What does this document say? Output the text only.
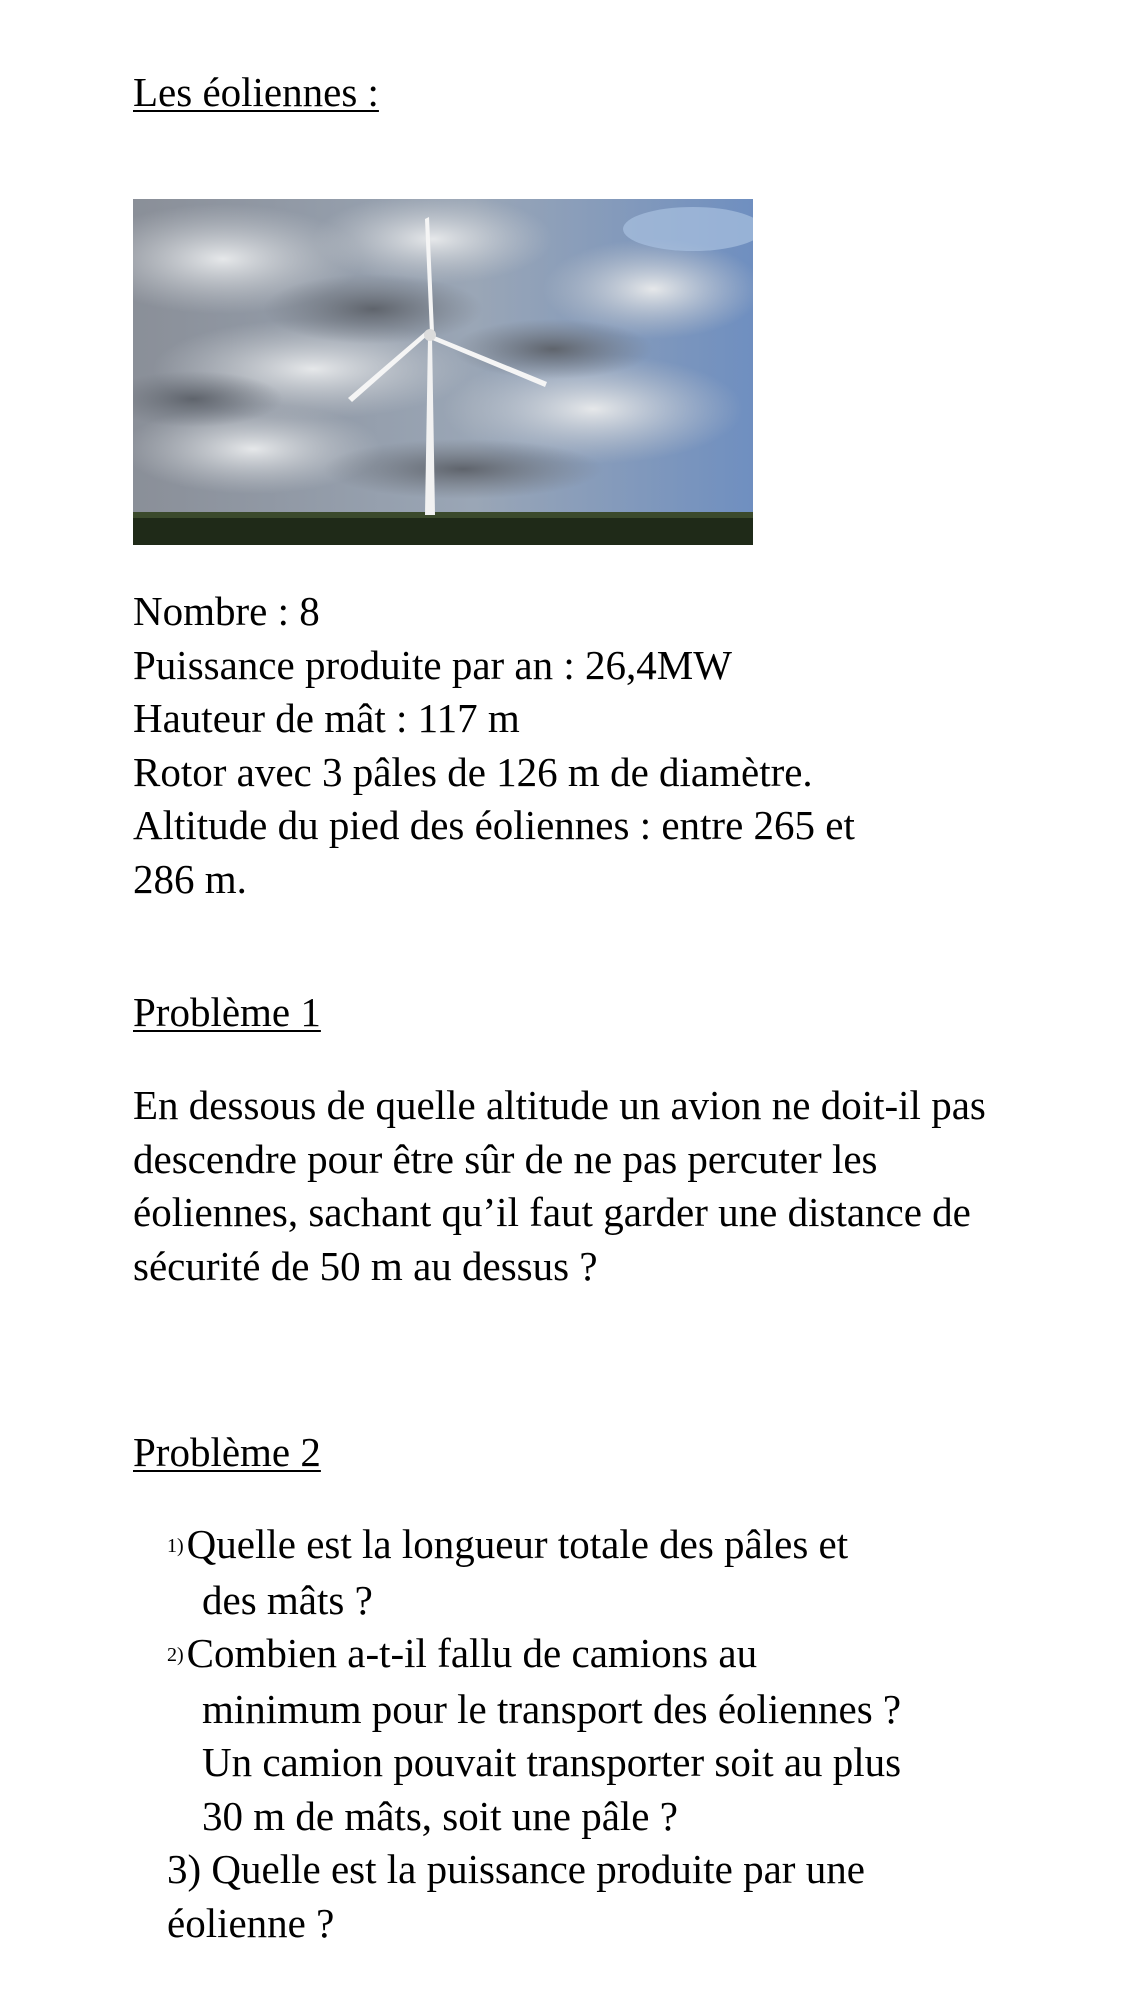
Les éoliennes :
Nombre : 8
Puissance produite par an : 26,4MW
Hauteur de mât : 117 m
Rotor avec 3 pâles de 126 m de diamètre.
Altitude du pied des éoliennes : entre 265 et
286 m.
Problème 1

En dessous de quelle altitude un avion ne doit-il pas descendre pour être sûr de ne pas percuter les éoliennes, sachant qu’il faut garder une distance de sécurité de 50 m au dessus ?

Problème 2
1)Quelle est la longueur totale des pâles et
des mâts ?
2)Combien a-t-il fallu de camions au
minimum pour le transport des éoliennes ?
Un camion pouvait transporter soit au plus
30 m de mâts, soit une pâle ?
3) Quelle est la puissance produite par une
éolienne ?
